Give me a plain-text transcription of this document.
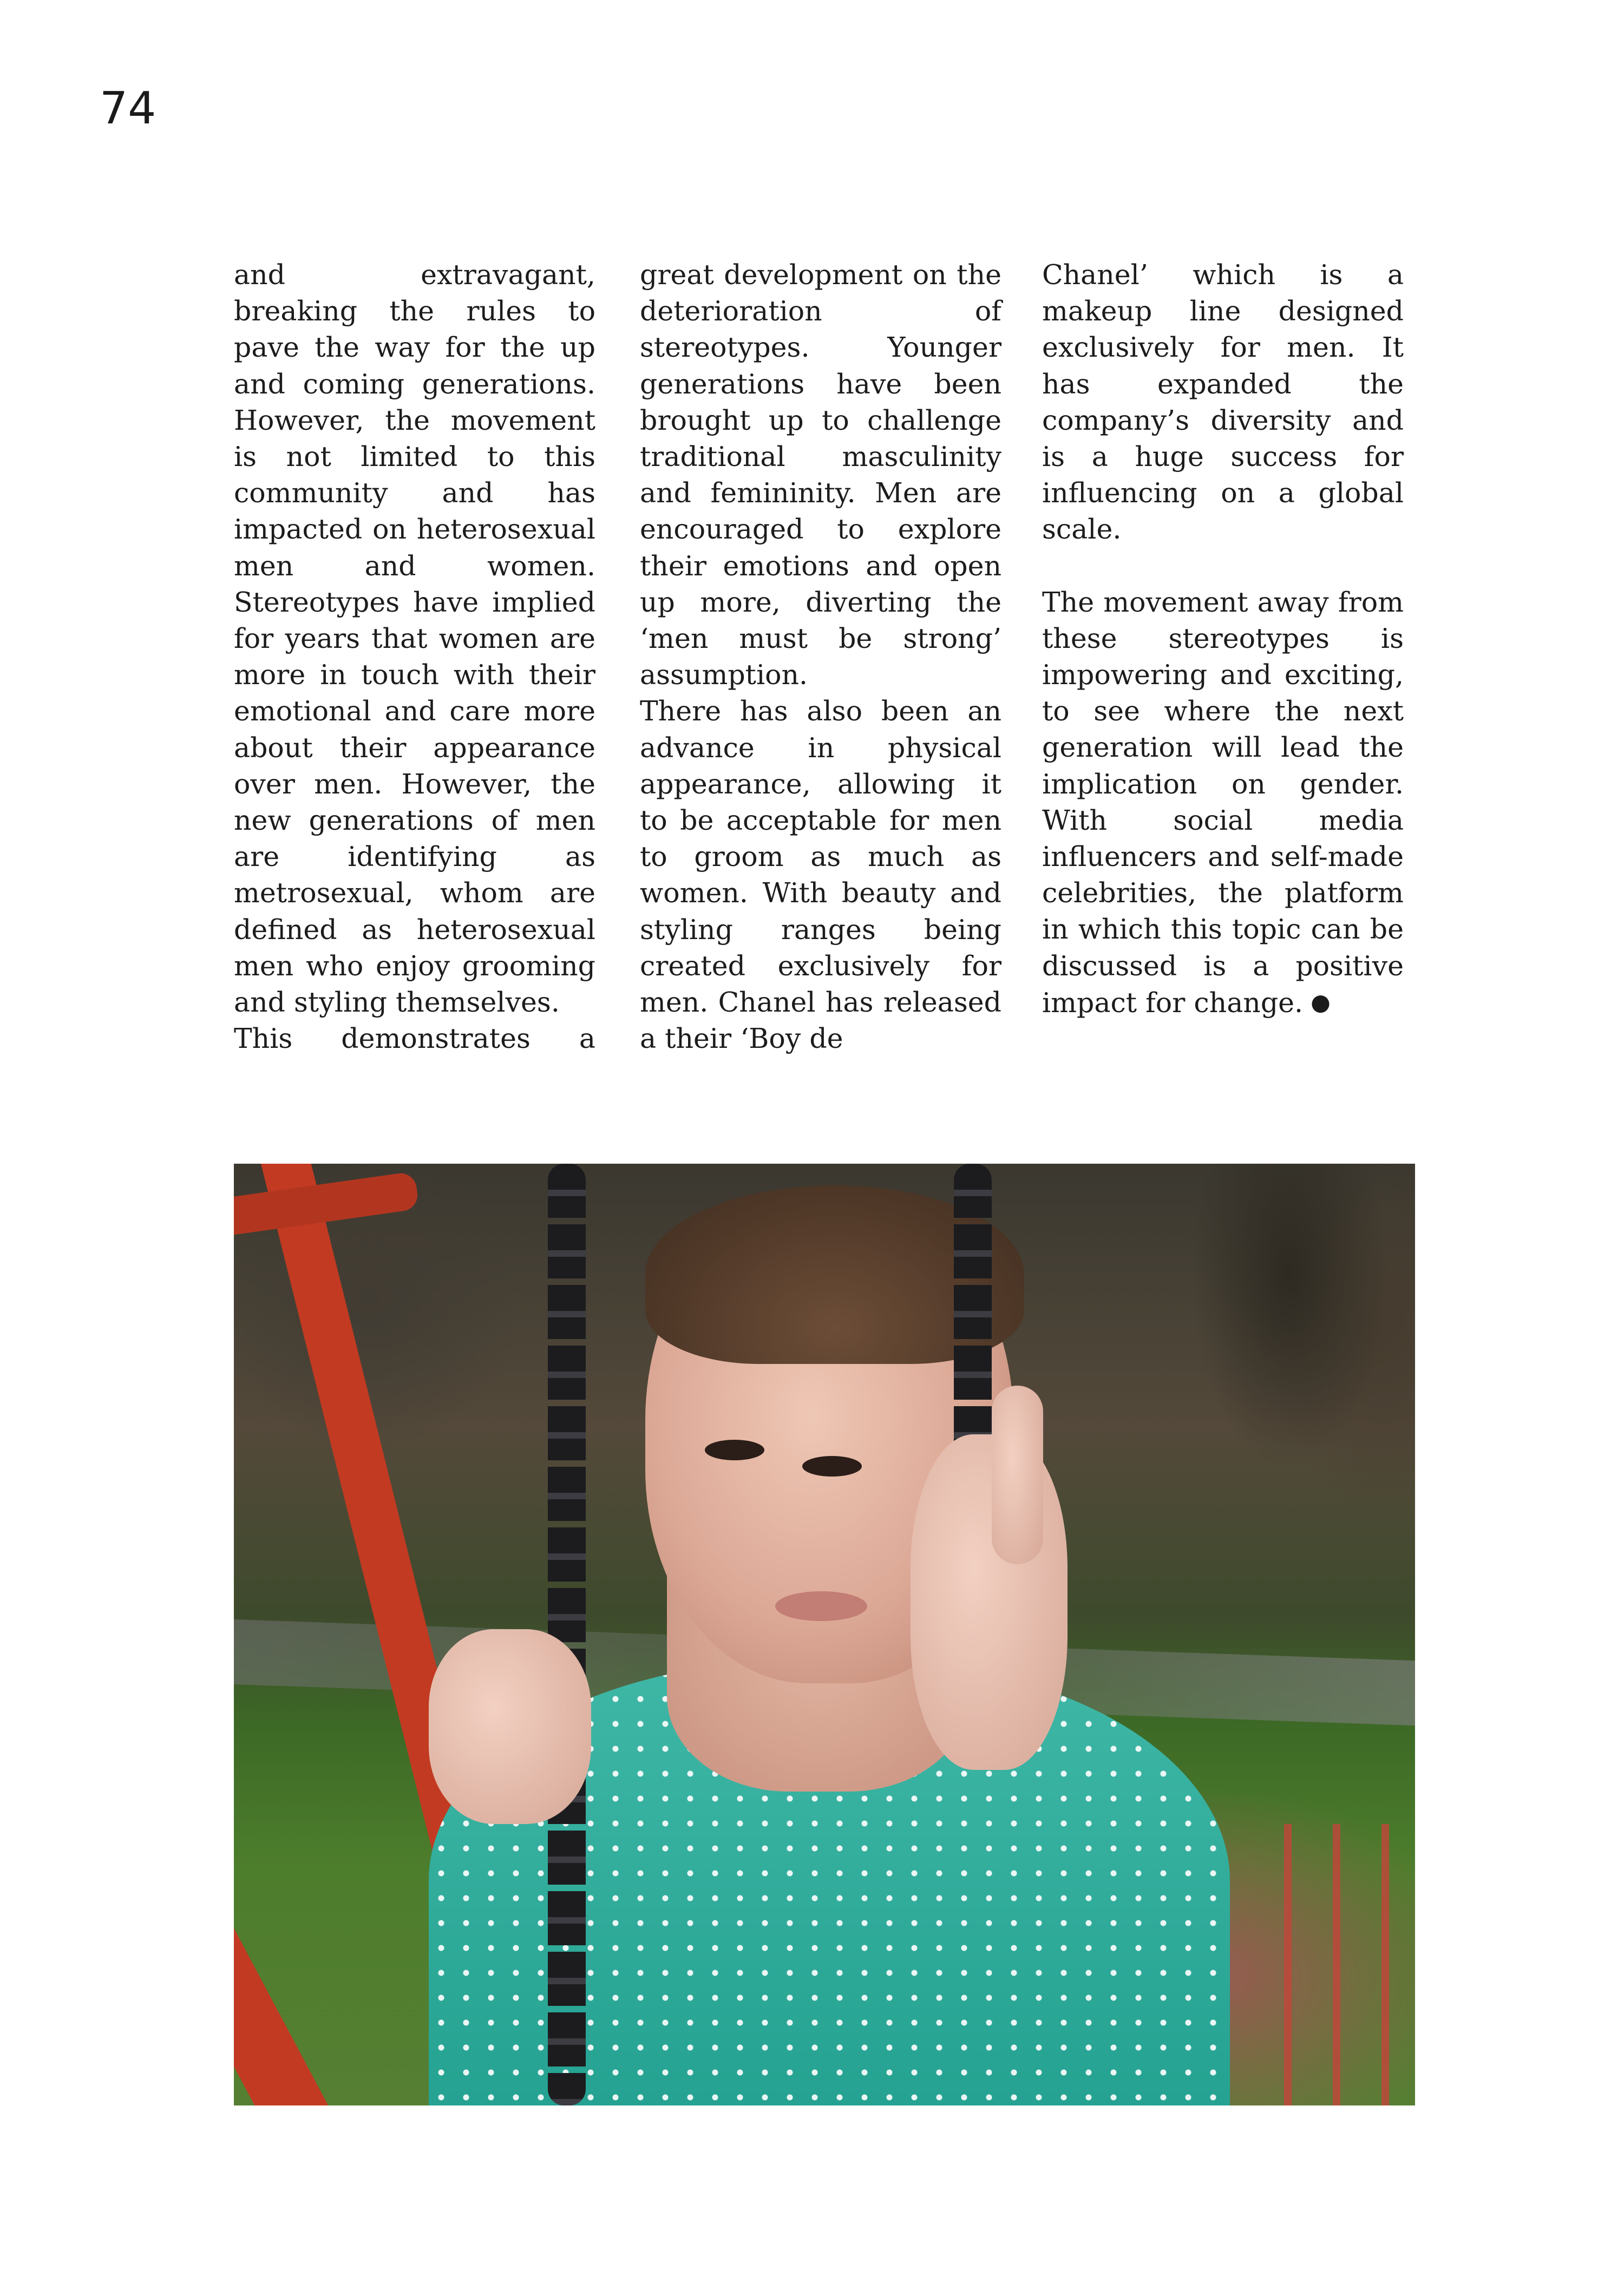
74

and extravagant, breaking the rules to pave the way for the up and coming generations. However, the movement is not limited to this community and has impacted on heterosexual men and women. Stereotypes have implied for years that women are more in touch with their emotional and care more about their appearance over men. However, the new generations of men are identifying as metrosexual, whom are defined as heterosexual men who enjoy grooming and styling themselves.

This demonstrates a

great development on the deterioration of stereotypes. Younger generations have been brought up to challenge traditional masculinity and femininity. Men are encouraged to explore their emotions and open up more, diverting the ‘men must be strong’ assumption.

There has also been an advance in physical appearance, allowing it to be acceptable for men to groom as much as women. With beauty and styling ranges being created exclusively for men. Chanel has released a their ‘Boy de

Chanel’ which is a makeup line designed exclusively for men. It has expanded the company’s diversity and is a huge success for influencing on a global scale.

The movement away from these stereotypes is impowering and exciting, to see where the next generation will lead the implication on gender. With social media influencers and self-made celebrities, the platform in which this topic can be discussed is a positive impact for change. ●
